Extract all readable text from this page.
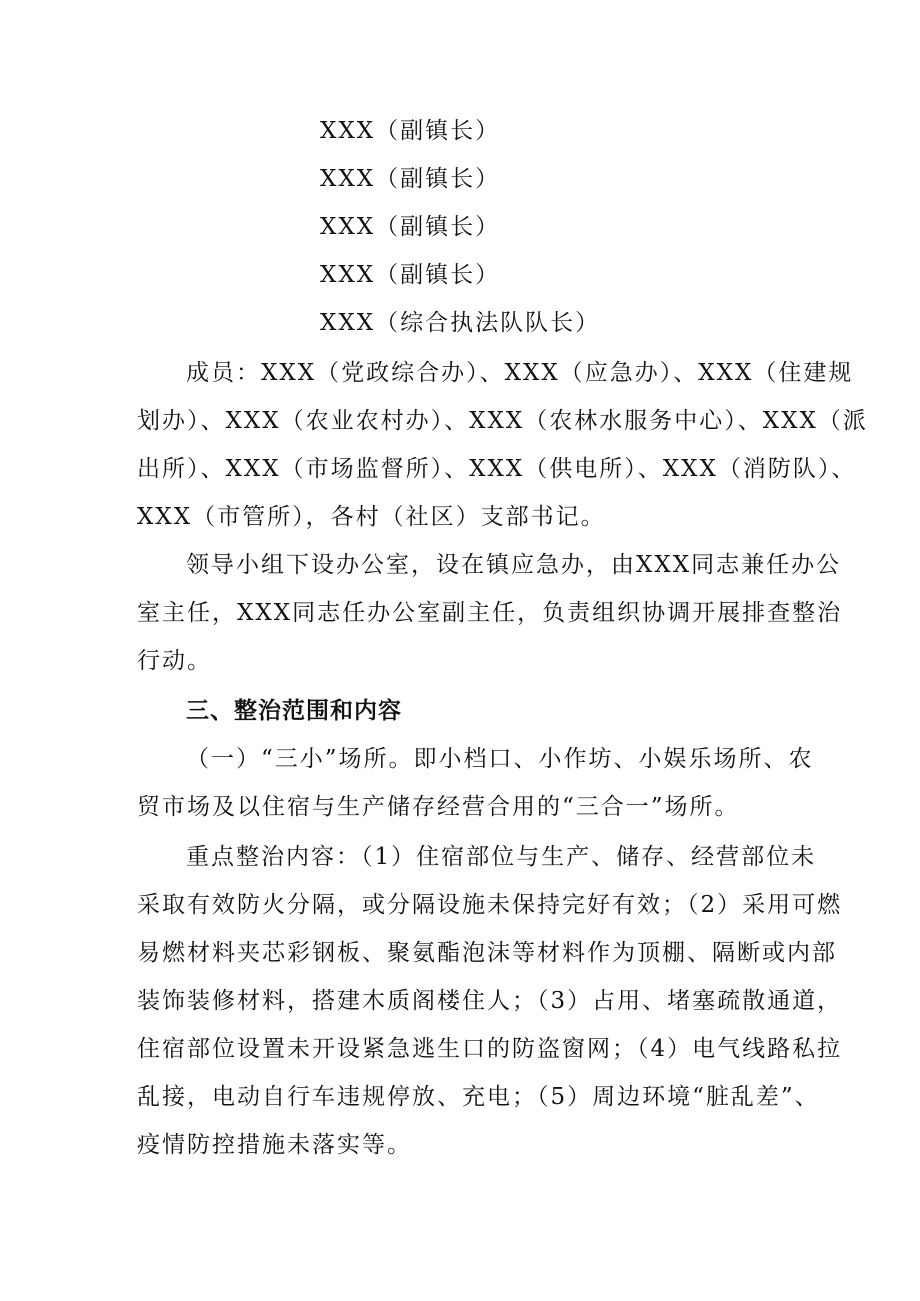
XXX（副镇长）
XXX（副镇长）
XXX（副镇长）
XXX（副镇长）
XXX（综合执法队队长）
成员：XXX（党政综合办）、XXX（应急办）、XXX（住建规
划办）、XXX（农业农村办）、XXX（农林水服务中心）、XXX（派
出所）、XXX（市场监督所）、XXX（供电所）、XXX（消防队）、
XXX（市管所），各村（社区）支部书记。
领导小组下设办公室，设在镇应急办，由XXX同志兼任办公
室主任，XXX同志任办公室副主任，负责组织协调开展排查整治
行动。
三、整治范围和内容
（一）“三小”场所。即小档口、小作坊、小娱乐场所、农
贸市场及以住宿与生产储存经营合用的“三合一”场所。
重点整治内容：（1）住宿部位与生产、储存、经营部位未
采取有效防火分隔，或分隔设施未保持完好有效；（2）采用可燃
易燃材料夹芯彩钢板、聚氨酯泡沫等材料作为顶棚、隔断或内部
装饰装修材料，搭建木质阁楼住人；（3）占用、堵塞疏散通道，
住宿部位设置未开设紧急逃生口的防盗窗网；（4）电气线路私拉
乱接，电动自行车违规停放、充电；（5）周边环境“脏乱差”、
疫情防控措施未落实等。
